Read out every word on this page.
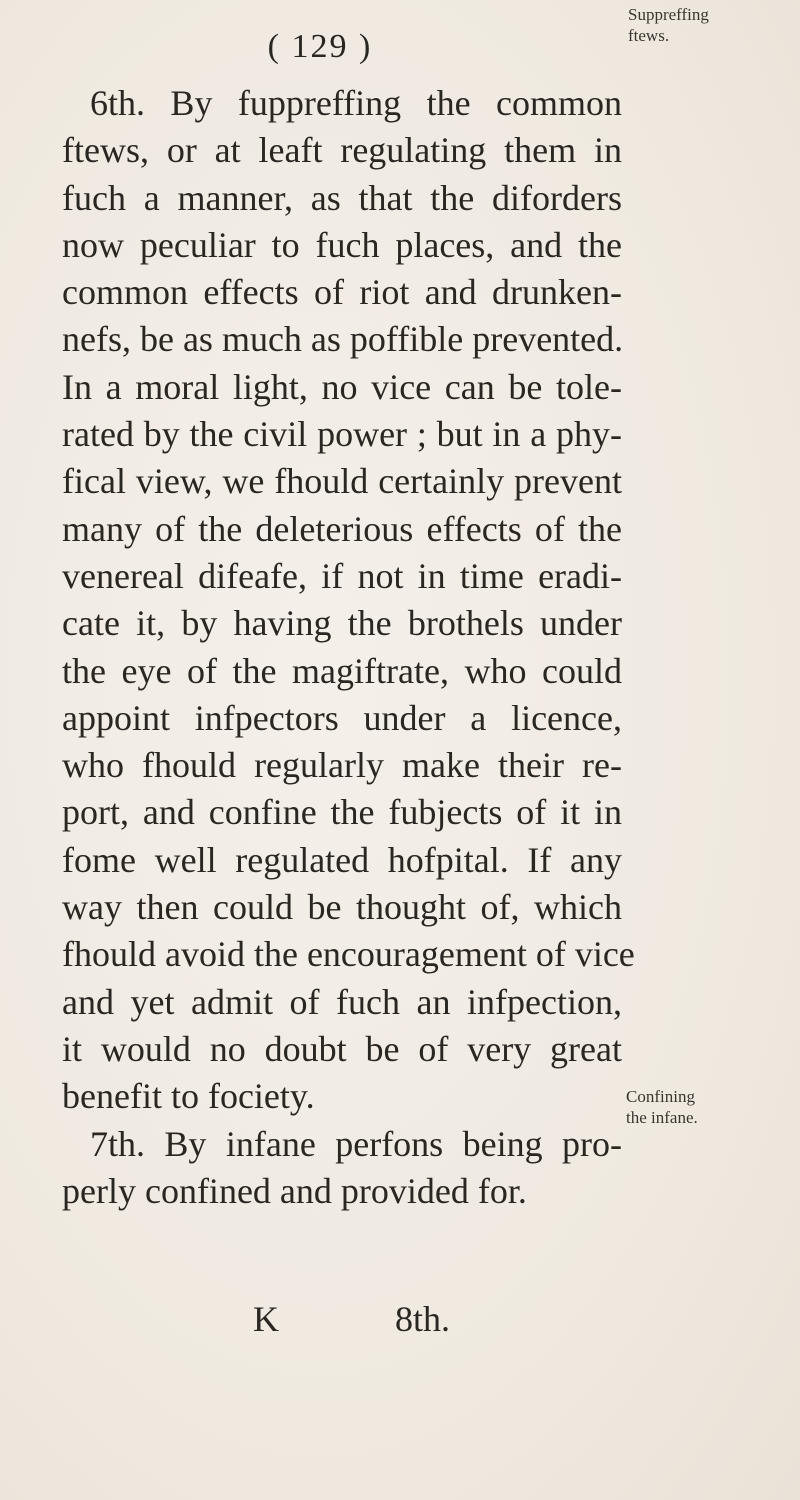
( 129 )
6th. By fuppreffing the common
ftews, or at leaft regulating them in
fuch a manner, as that the diforders
now peculiar to fuch places, and the
common effects of riot and drunken-
nefs, be as much as poffible prevented.
In a moral light, no vice can be tole-
rated by the civil power ; but in a phy-
fical view, we fhould certainly prevent
many of the deleterious effects of the
venereal difeafe, if not in time eradi-
cate it, by having the brothels under
the eye of the magiftrate, who could
appoint infpectors under a licence,
who fhould regularly make their re-
port, and confine the fubjects of it in
fome well regulated hofpital. If any
way then could be thought of, which
fhould avoid the encouragement of vice
and yet admit of fuch an infpection,
it would no doubt be of very great
benefit to fociety.
7th. By infane perfons being pro-
perly confined and provided for.
Suppreffing
ftews.
Confining
the infane.
K	8th.
